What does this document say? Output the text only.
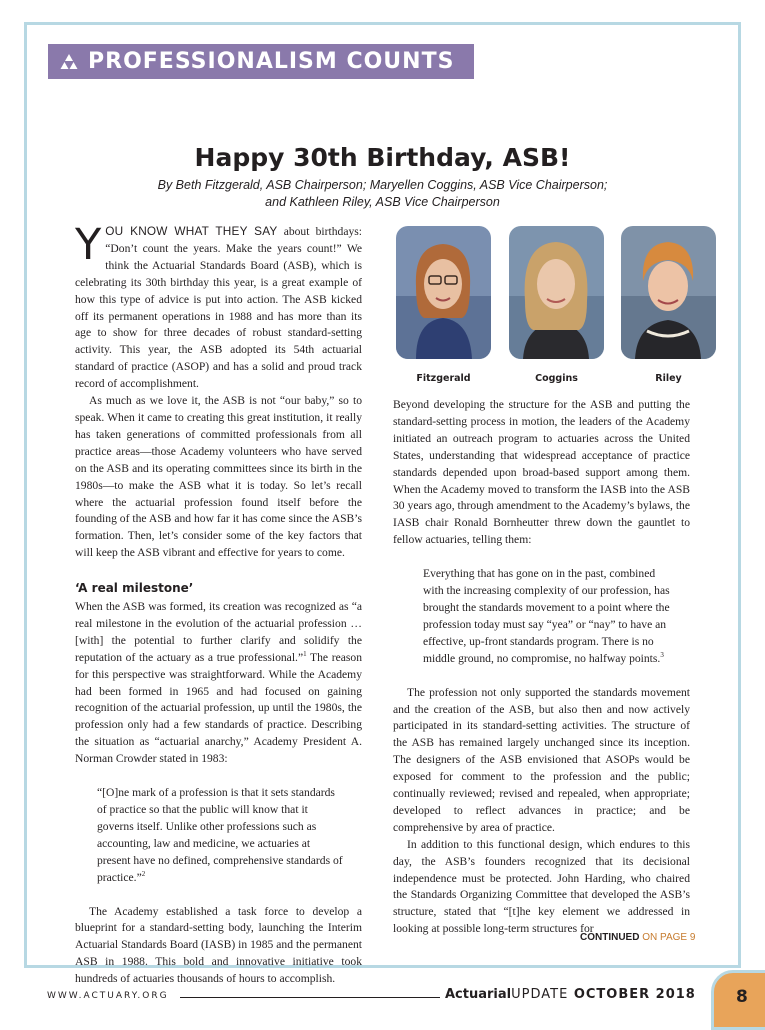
PROFESSIONALISM COUNTS
Happy 30th Birthday, ASB!
By Beth Fitzgerald, ASB Chairperson; Maryellen Coggins, ASB Vice Chairperson;
and Kathleen Riley, ASB Vice Chairperson

YOU KNOW WHAT THEY SAY about birthdays: “Don’t count the years. Make the years count!” We think the Actuarial Standards Board (ASB), which is celebrating its 30th birthday this year, is a great example of how this type of advice is put into action. The ASB kicked off its permanent operations in 1988 and has more than its age to show for three decades of robust standard-setting activity. This year, the ASB adopted its 54th actuarial standard of practice (ASOP) and has a solid and proud track record of accomplishment.

As much as we love it, the ASB is not “our baby,” so to speak. When it came to creating this great institution, it really has taken generations of committed professionals from all practice areas—those Academy volunteers who have served on the ASB and its operating committees since its birth in the 1980s—to make the ASB what it is today. So let’s recall where the actuarial profession found itself before the founding of the ASB and how far it has come since the ASB’s formation. Then, let’s consider some of the key factors that will keep the ASB vibrant and effective for years to come.

‘A real milestone’

When the ASB was formed, its creation was recognized as “a real milestone in the evolution of the actuarial profession … [with] the potential to further clarify and solidify the reputation of the actuary as a true professional.”$^1$ The reason for this perspective was straightforward. While the Academy had been formed in 1965 and had focused on gaining recognition of the actuarial profession, up until the 1980s, the profession only had a few standards of practice. Describing the situation as “actuarial anarchy,” Academy President A. Norman Crowder stated in 1983:

“[O]ne mark of a profession is that it sets standards of practice so that the public will know that it governs itself. Unlike other professions such as accounting, law and medicine, we actuaries at present have no defined, comprehensive standards of practice.”$^2$

The Academy established a task force to develop a blueprint for a standard-setting body, launching the Interim Actuarial Standards Board (IASB) in 1985 and the permanent ASB in 1988. This bold and innovative initiative took hundreds of actuaries thousands of hours to accomplish.

Fitzgerald	Coggins	Riley

Beyond developing the structure for the ASB and putting the standard-setting process in motion, the leaders of the Academy initiated an outreach program to actuaries across the United States, understanding that widespread acceptance of practice standards depended upon broad-based support among them. When the Academy moved to transform the IASB into the ASB 30 years ago, through amendment to the Academy’s bylaws, the IASB chair Ronald Bornheutter threw down the gauntlet to fellow actuaries, telling them:

Everything that has gone on in the past, combined with the increasing complexity of our profession, has brought the standards movement to a point where the profession today must say “yea” or “nay” to have an effective, up-front standards program. There is no middle ground, no compromise, no halfway points.$^3$

The profession not only supported the standards movement and the creation of the ASB, but also then and now actively participated in its standard-setting activities. The structure of the ASB has remained largely unchanged since its inception. The designers of the ASB envisioned that ASOPs would be exposed for comment to the profession and the public; continually reviewed; revised and repealed, when appropriate; developed to reflect advances in practice; and be comprehensive by area of practice.

In addition to this functional design, which endures to this day, the ASB’s founders recognized that its decisional independence must be protected. John Harding, who chaired the Standards Organizing Committee that developed the ASB’s structure, stated that “[t]he key element we addressed in looking at possible long-term structures for

CONTINUED ON PAGE 9
WWW.ACTUARY.ORG	ActuarialUPDATE OCTOBER 2018	8
